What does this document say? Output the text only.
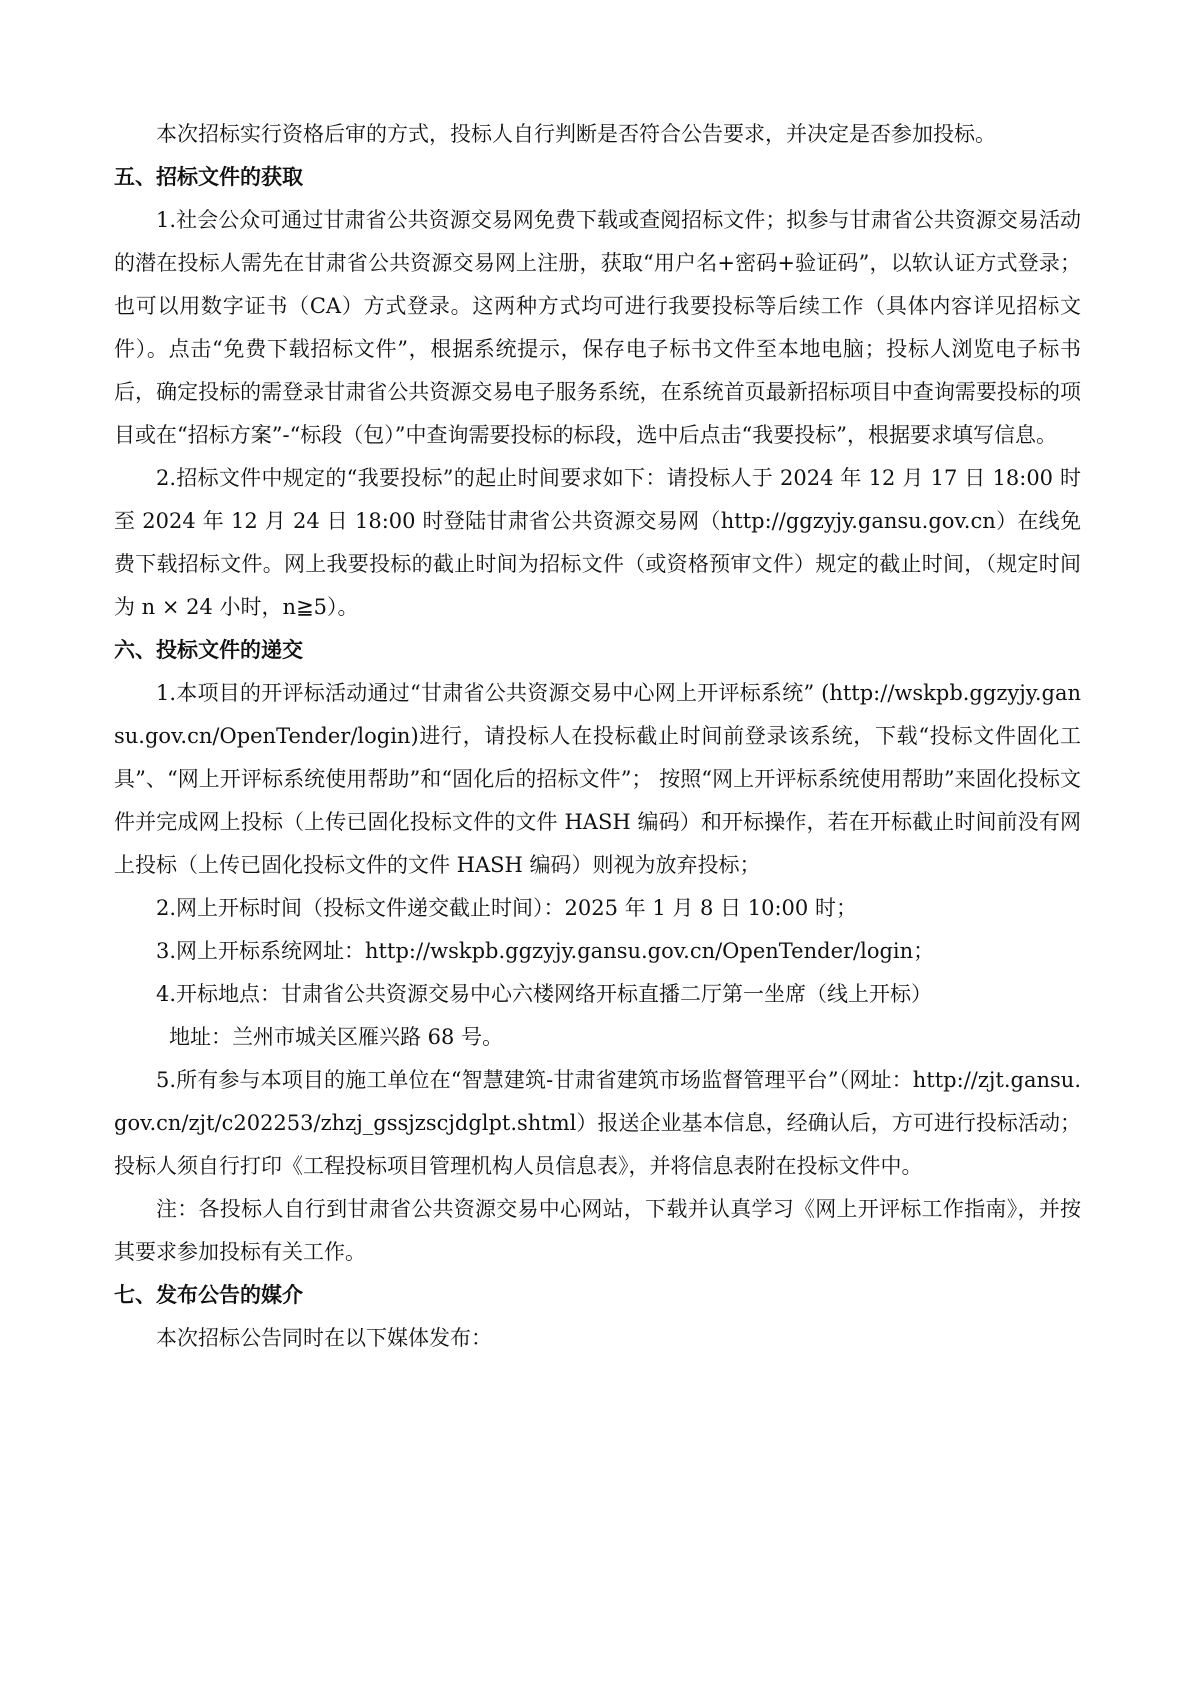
本次招标实行资格后审的方式，投标人自行判断是否符合公告要求，并决定是否参加投标。

五、招标文件的获取

1.社会公众可通过甘肃省公共资源交易网免费下载或查阅招标文件；拟参与甘肃省公共资源交易活动的潜在投标人需先在甘肃省公共资源交易网上注册，获取“用户名+密码+验证码”，以软认证方式登录；也可以用数字证书（CA）方式登录。这两种方式均可进行我要投标等后续工作（具体内容详见招标文件）。点击“免费下载招标文件”，根据系统提示，保存电子标书文件至本地电脑；投标人浏览电子标书后，确定投标的需登录甘肃省公共资源交易电子服务系统，在系统首页最新招标项目中查询需要投标的项目或在“招标方案”-“标段（包）”中查询需要投标的标段，选中后点击“我要投标”，根据要求填写信息。

2.招标文件中规定的“我要投标”的起止时间要求如下：请投标人于 2024 年 12 月 17 日 18:00 时至 2024 年 12 月 24 日 18:00 时登陆甘肃省公共资源交易网（http://ggzyjy.gansu.gov.cn）在线免费下载招标文件。网上我要投标的截止时间为招标文件（或资格预审文件）规定的截止时间，（规定时间为 n × 24 小时，n≧5）。

六、投标文件的递交

1.本项目的开评标活动通过“甘肃省公共资源交易中心网上开评标系统” (http://wskpb.ggzyjy.gansu.gov.cn/OpenTender/login)进行，请投标人在投标截止时间前登录该系统，下载“投标文件固化工具”、“网上开评标系统使用帮助”和“固化后的招标文件”； 按照“网上开评标系统使用帮助”来固化投标文件并完成网上投标（上传已固化投标文件的文件 HASH 编码）和开标操作，若在开标截止时间前没有网上投标（上传已固化投标文件的文件 HASH 编码）则视为放弃投标；

2.网上开标时间（投标文件递交截止时间）：2025 年 1 月 8 日 10:00 时；

3.网上开标系统网址：http://wskpb.ggzyjy.gansu.gov.cn/OpenTender/login；

4.开标地点：甘肃省公共资源交易中心六楼网络开标直播二厅第一坐席（线上开标）

地址：兰州市城关区雁兴路 68 号。

5.所有参与本项目的施工单位在“智慧建筑-甘肃省建筑市场监督管理平台”（网址：http://zjt.gansu.gov.cn/zjt/c202253/zhzj_gssjzscjdglpt.shtml）报送企业基本信息，经确认后，方可进行投标活动；投标人须自行打印《工程投标项目管理机构人员信息表》，并将信息表附在投标文件中。

注：各投标人自行到甘肃省公共资源交易中心网站，下载并认真学习《网上开评标工作指南》，并按其要求参加投标有关工作。

七、发布公告的媒介

本次招标公告同时在以下媒体发布：
